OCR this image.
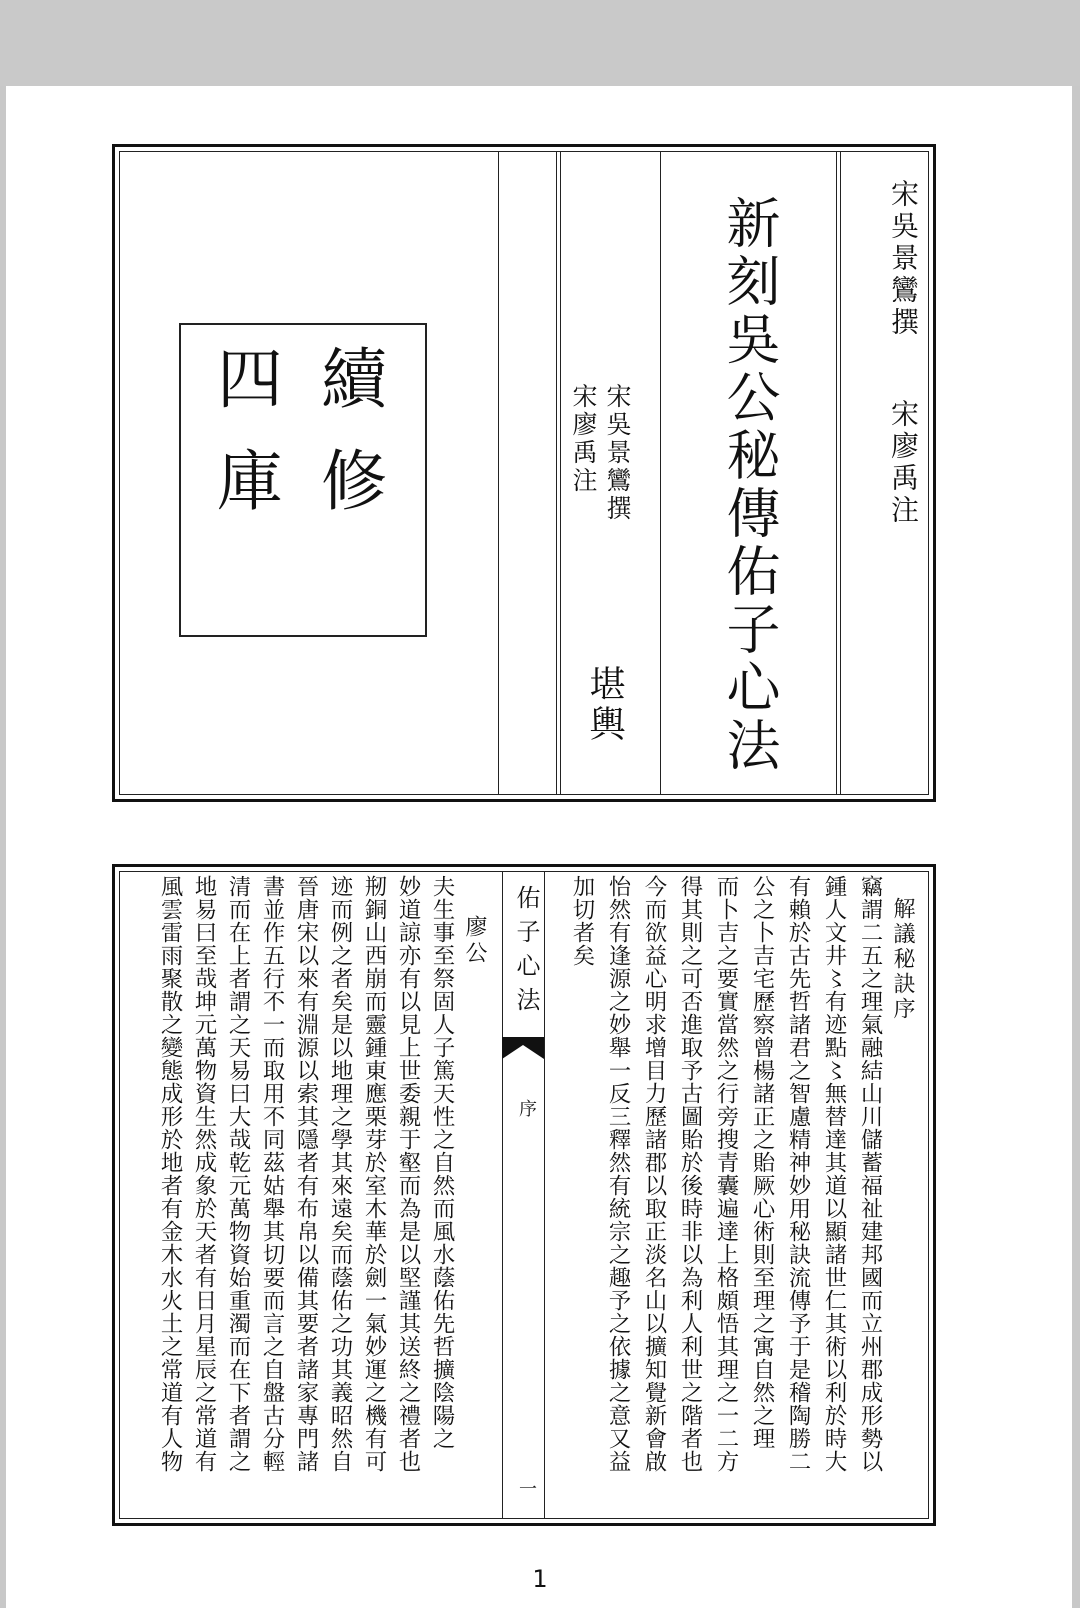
續
修
四
庫	宋吳景鸞撰

宋廖禹注

堪輿 新刻吳公秘傳佑子心法	宋吳景鸞撰

宋廖禹注

解議秘訣序

竊謂二五之理氣融結山川儲蓄福祉建邦國而立州郡成形勢以

鍾人文井〻有迹點〻無替達其道以顯諸世仁其術以利於時大

有賴於古先哲諸君之智慮精神妙用秘訣流傳予于是稽陶勝二

公之卜吉宅歷察曾楊諸正之貽厥心術則至理之寓自然之理

而卜吉之要實當然之行旁搜青囊遍達上格頗悟其理之一二方

得其則之可否進取予古圖貽於後時非以為利人利世之階者也

今而欲益心明求增目力歷諸郡以取正淡名山以擴知覺新會啟

怡然有逢源之妙舉一反三釋然有統宗之趣予之依據之意又益

加切者矣

佑子心法

序

一

廖公

夫生事至祭固人子篤天性之自然而風水蔭佑先哲擴陰陽之

妙道諒亦有以見上世委親于壑而為是以堅謹其送終之禮者也

剏銅山西崩而靈鍾東應栗芽於室木華於劍一氣妙運之機有可

迹而例之者矣是以地理之學其來遠矣而蔭佑之功其義昭然自

晉唐宋以來有淵源以索其隱者有布帛以備其要者諸家專門諸

書並作五行不一而取用不同茲姑舉其切要而言之自盤古分輕

清而在上者謂之天易曰大哉乾元萬物資始重濁而在下者謂之

地易曰至哉坤元萬物資生然成象於天者有日月星辰之常道有

風雲雷雨聚散之變態成形於地者有金木水火土之常道有人物

1
